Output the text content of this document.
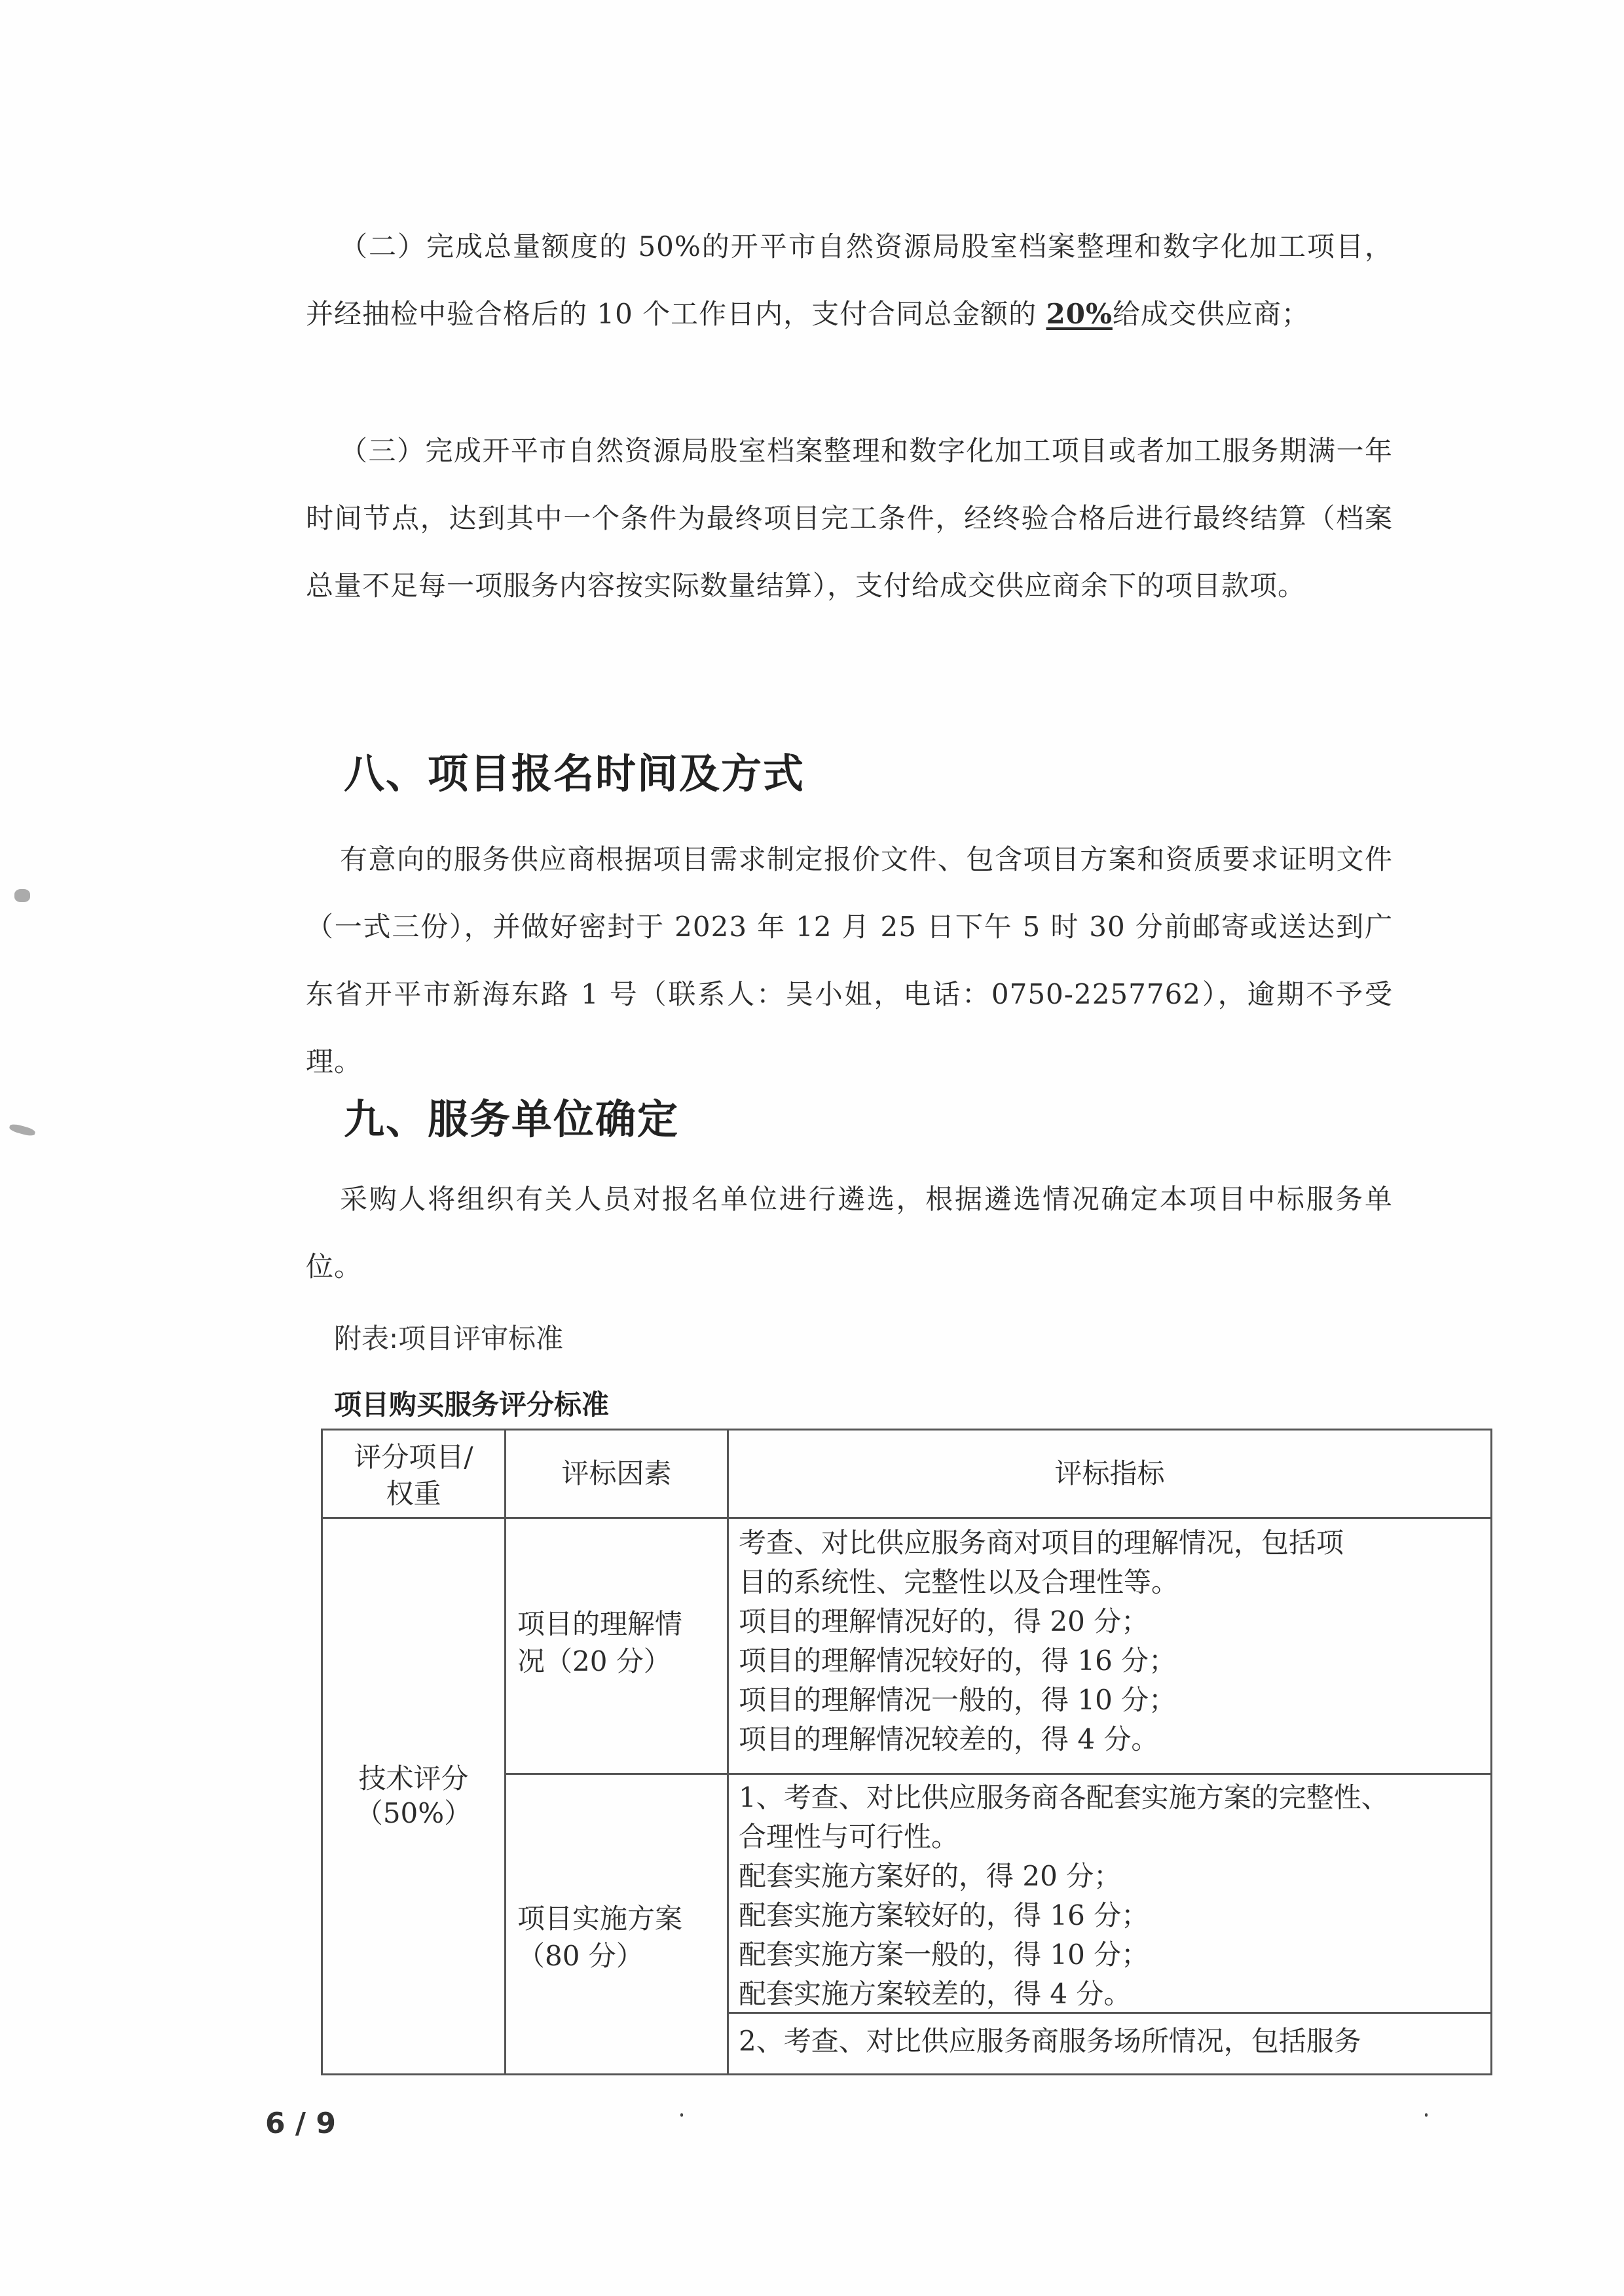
（二）完成总量额度的 50%的开平市自然资源局股室档案整理和数字化加工项目，并经抽检中验合格后的 10 个工作日内，支付合同总金额的 20%给成交供应商；
（三）完成开平市自然资源局股室档案整理和数字化加工项目或者加工服务期满一年时间节点，达到其中一个条件为最终项目完工条件，经终验合格后进行最终结算（档案总量不足每一项服务内容按实际数量结算），支付给成交供应商余下的项目款项。
八、项目报名时间及方式
有意向的服务供应商根据项目需求制定报价文件、包含项目方案和资质要求证明文件（一式三份），并做好密封于 2023 年 12 月 25 日下午 5 时 30 分前邮寄或送达到广东省开平市新海东路 1 号（联系人：吴小姐，电话：0750-2257762），逾期不予受理。
九、服务单位确定
采购人将组织有关人员对报名单位进行遴选，根据遴选情况确定本项目中标服务单位。
附表:项目评审标准
项目购买服务评分标准
评分项目/
权重
评标因素	评标指标
技术评分
（50%）
项目的理解情
况（20 分）
考查、对比供应服务商对项目的理解情况，包括项
目的系统性、完整性以及合理性等。
项目的理解情况好的，得 20 分；
项目的理解情况较好的，得 16 分；
项目的理解情况一般的，得 10 分；
项目的理解情况较差的，得 4 分。
项目实施方案
（80 分）
1、考查、对比供应服务商各配套实施方案的完整性、
合理性与可行性。
配套实施方案好的，得 20 分；
配套实施方案较好的，得 16 分；
配套实施方案一般的，得 10 分；
配套实施方案较差的，得 4 分。
2、考查、对比供应服务商服务场所情况，包括服务
6 / 9
